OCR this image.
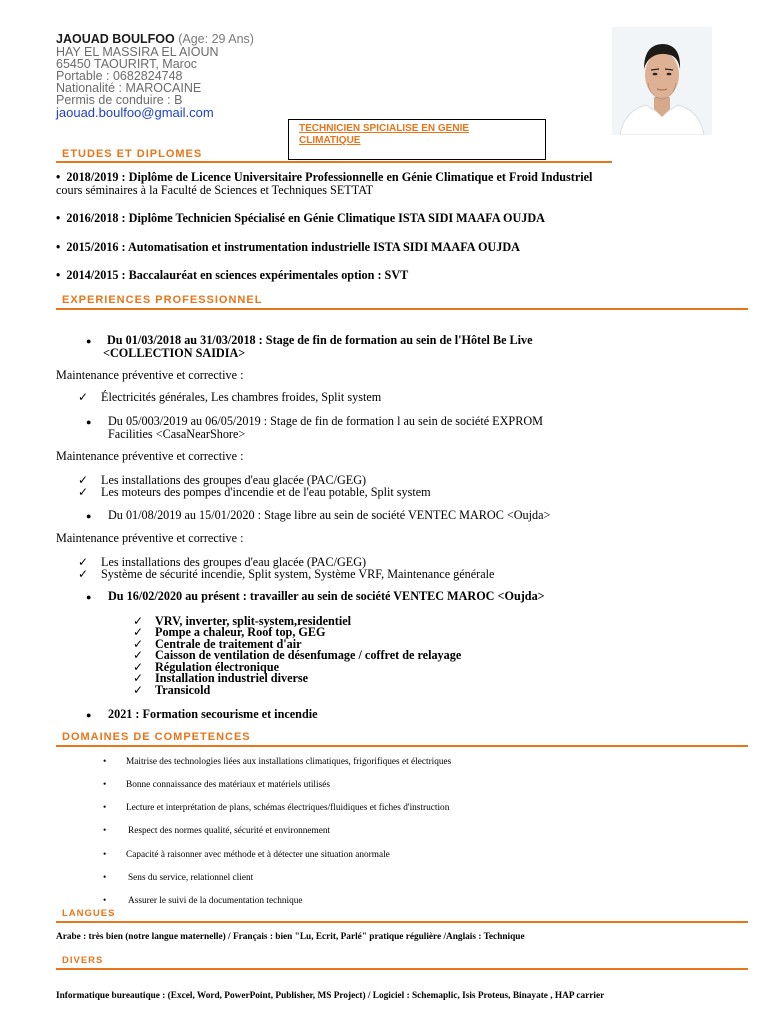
JAOUAD BOULFOO (Age: 29 Ans)
HAY EL MASSIRA EL AIOUN
65450 TAOURIRT, Maroc
Portable : 0682824748
Nationalité : MAROCAINE
Permis de conduire : B
jaouad.boulfoo@gmail.com
TECHNICIEN SPICIALISE EN GENIE
CLIMATIQUE
ETUDES ET DIPLOMES
•  2018/2019 : Diplôme de Licence Universitaire Professionnelle en Génie Climatique et Froid Industriel
cours séminaires à la Faculté de Sciences et Techniques SETTAT
•  2016/2018 : Diplôme Technicien Spécialisé en Génie Climatique ISTA SIDI MAAFA OUJDA
•  2015/2016 : Automatisation et instrumentation industrielle ISTA SIDI MAAFA OUJDA
•  2014/2015 : Baccalauréat en sciences expérimentales option : SVT
EXPERIENCES PROFESSIONNEL
● Du 01/03/2018 au 31/03/2018 : Stage de fin de formation au sein de l'Hôtel Be Live
<COLLECTION SAIDIA>
Maintenance préventive et corrective :
✓ Électricités générales, Les chambres froides, Split system
● Du 05/003/2019 au 06/05/2019 : Stage de fin de formation l au sein de société EXPROM
Facilities <CasaNearShore>
Maintenance préventive et corrective :
✓ Les installations des groupes d'eau glacée (PAC/GEG)
✓ Les moteurs des pompes d'incendie et de l'eau potable, Split system
● Du 01/08/2019 au 15/01/2020 : Stage libre au sein de société VENTEC MAROC <Oujda>
Maintenance préventive et corrective :
✓ Les installations des groupes d'eau glacée (PAC/GEG)
✓ Système de sécurité incendie, Split system, Système VRF, Maintenance générale
● Du 16/02/2020 au présent : travailler au sein de société VENTEC MAROC <Oujda>
✓ VRV, inverter, split-system,residentiel
✓ Pompe a chaleur, Roof top, GEG
✓ Centrale de traitement d'air
✓ Caisson de ventilation de désenfumage / coffret de relayage
✓ Régulation électronique
✓ Installation industriel diverse
✓ Transicold
● 2021 : Formation secourisme et incendie
DOMAINES DE COMPETENCES
• Maitrise des technologies liées aux installations climatiques, frigorifiques et électriques
• Bonne connaissance des matériaux et matériels utilisés
• Lecture et interprétation de plans, schémas électriques/fluidiques et fiches d'instruction
• Respect des normes qualité, sécurité et environnement
• Capacité à raisonner avec méthode et à détecter une situation anormale
• Sens du service, relationnel client
• Assurer le suivi de la documentation technique
LANGUES
Arabe : très bien (notre langue maternelle) / Français : bien "Lu, Ecrit, Parlé" pratique régulière /Anglais : Technique
DIVERS
Informatique bureautique : (Excel, Word, PowerPoint, Publisher, MS Project) / Logiciel : Schemaplic, Isis Proteus, Binayate , HAP carrier
